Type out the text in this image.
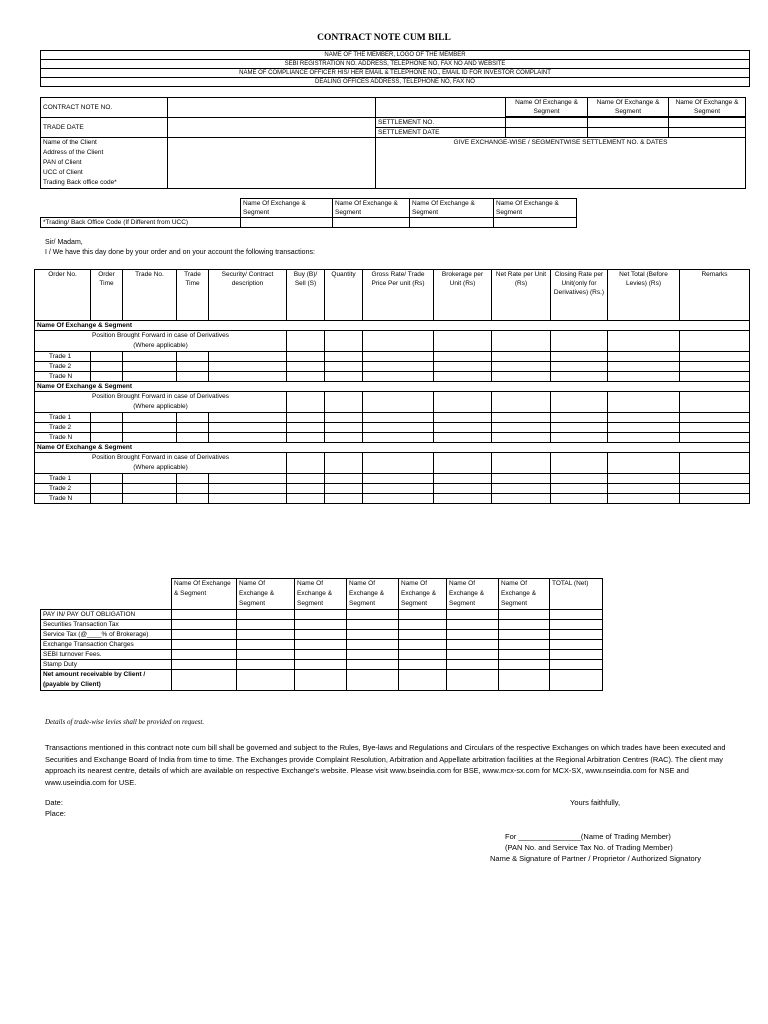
CONTRACT NOTE CUM BILL
NAME OF THE MEMBER, LOGO OF THE MEMBER
SEBI REGISTRATION NO. ADDRESS, TELEPHONE NO, FAX NO AND WEBSITE
NAME OF COMPLIANCE OFFICER HIS/ HER EMAIL & TELEPHONE NO., EMAIL ID FOR INVESTOR COMPLAINT
DEALING OFFICES ADDRESS, TELEPHONE NO, FAX NO
CONTRACT NOTE NO.			Name Of Exchange & Segment	Name Of Exchange & Segment	Name Of Exchange & Segment

TRADE DATE		SETTLEMENT NO.			
		SETTLEMENT DATE			

Name of the Client
Address of the Client
PAN of Client
UCC of Client
Trading Back office code*		GIVE EXCHANGE-WISE / SEGMENTWISE SETTLEMENT NO. & DATES			
	Name Of Exchange & Segment	Name Of Exchange & Segment	Name Of Exchange & Segment	Name Of Exchange & Segment
*Trading/ Back Office Code (If Different from UCC)				
Sir/ Madam,
I / We have this day done by your order and on your account the following transactions:
Order No.	Order Time	Trade No.	Trade Time	Security/ Contract description	Buy (B)/ Sell (S)	Quantity	Gross Rate/ Trade Price Per unit (Rs)	Brokerage per Unit (Rs)	Net Rate per Unit (Rs)	Closing Rate per Unit(only for Derivatives) (Rs.)	Net Total (Before Levies) (Rs)	Remarks
Name Of Exchange & Segment												

Position Brought Forward in case of Derivatives
(Where applicable)												

Trade 1												
Trade 2												
Trade N												
Name Of Exchange & Segment												

Position Brought Forward in case of Derivatives
(Where applicable)												

Trade 1												
Trade 2												
Trade N												
Name Of Exchange & Segment												

Position Brought Forward in case of Derivatives
(Where applicable)												

Trade 1												
Trade 2												
Trade N												
	Name Of Exchange & Segment	Name Of Exchange & Segment	Name Of Exchange & Segment	Name Of Exchange & Segment	Name Of Exchange & Segment	Name Of Exchange & Segment	Name Of Exchange & Segment	TOTAL (Net)
PAY IN/ PAY OUT OBLIGATION								
Securities Transaction Tax								
Service Tax (@____% of Brokerage)								
Exchange Transaction Charges								
SEBI turnover Fees.								
Stamp Duty								
Net amount receivable by Client / (payable by Client)								
Details of trade-wise levies shall be provided on request.
Transactions mentioned in this contract note cum bill shall be governed and subject to the Rules, Bye-laws and Regulations and Circulars of the respective Exchanges on which trades have been executed and Securities and Exchange Board of India from time to time. The Exchanges provide Complaint Resolution, Arbitration and Appellate arbitration facilities at the Regional Arbitration Centres (RAC). The client may approach its nearest centre, details of which are available on respective Exchange's website. Please visit www.bseindia.com for BSE, www.mcx-sx.com for MCX-SX, www.nseindia.com for NSE and www.useindia.com for USE.
Date:
Place:
Yours faithfully,
For _______________(Name of Trading Member)
(PAN No. and Service Tax No. of Trading Member)
Name & Signature of Partner / Proprietor / Authorized Signatory
